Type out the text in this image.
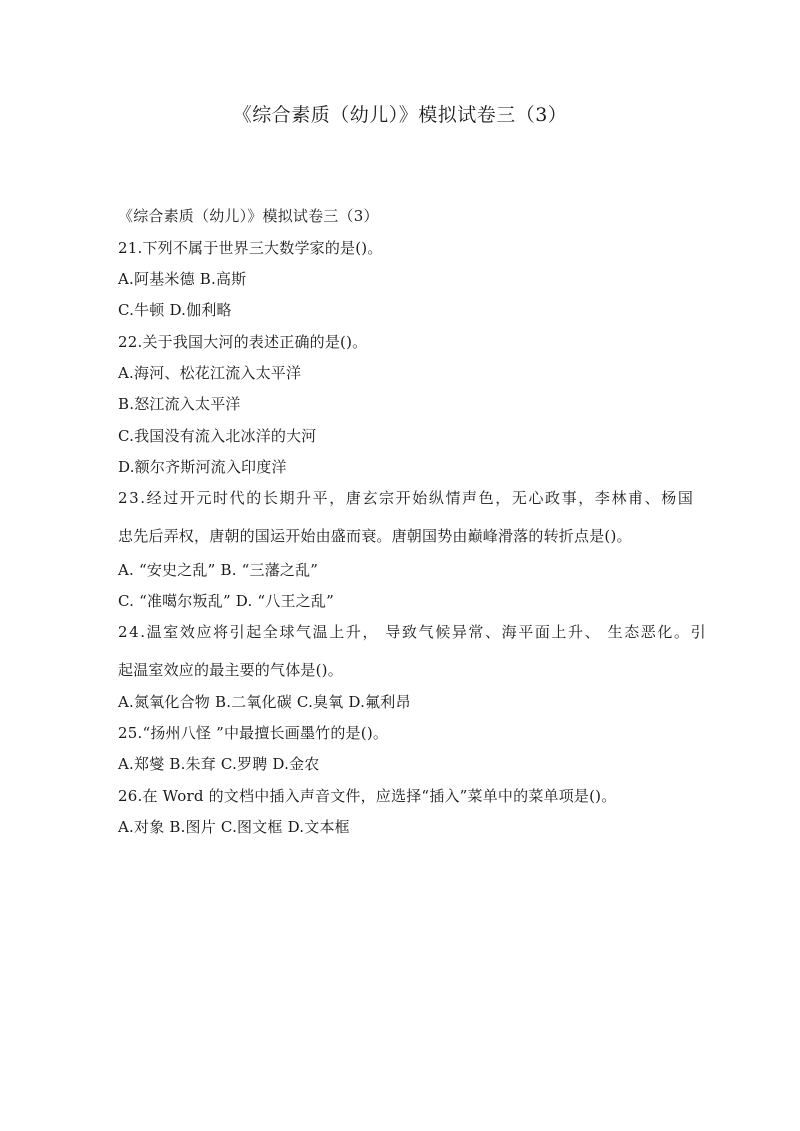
《综合素质（幼儿）》模拟试卷三（3）
《综合素质（幼儿）》模拟试卷三（3）
21.下列不属于世界三大数学家的是()。
A.阿基米德 B.高斯
C.牛顿 D.伽利略
22.关于我国大河的表述正确的是()。
A.海河、松花江流入太平洋
B.怒江流入太平洋
C.我国没有流入北冰洋的大河
D.额尔齐斯河流入印度洋
23.经过开元时代的长期升平，唐玄宗开始纵情声色，无心政事，李林甫、杨国
忠先后弄权，唐朝的国运开始由盛而衰。唐朝国势由巅峰滑落的转折点是()。
A. “安史之乱” B. “三藩之乱”
C. “准噶尔叛乱” D. “八王之乱”
24.温室效应将引起全球气温上升， 导致气候异常、海平面上升、 生态恶化。引
起温室效应的最主要的气体是()。
A.氮氧化合物 B.二氧化碳 C.臭氧 D.氟利昂
25.“扬州八怪 ”中最擅长画墨竹的是()。
A.郑燮 B.朱耷 C.罗聘 D.金农
26.在 Word 的文档中插入声音文件，应选择“插入”菜单中的菜单项是()。
A.对象 B.图片 C.图文框 D.文本框
